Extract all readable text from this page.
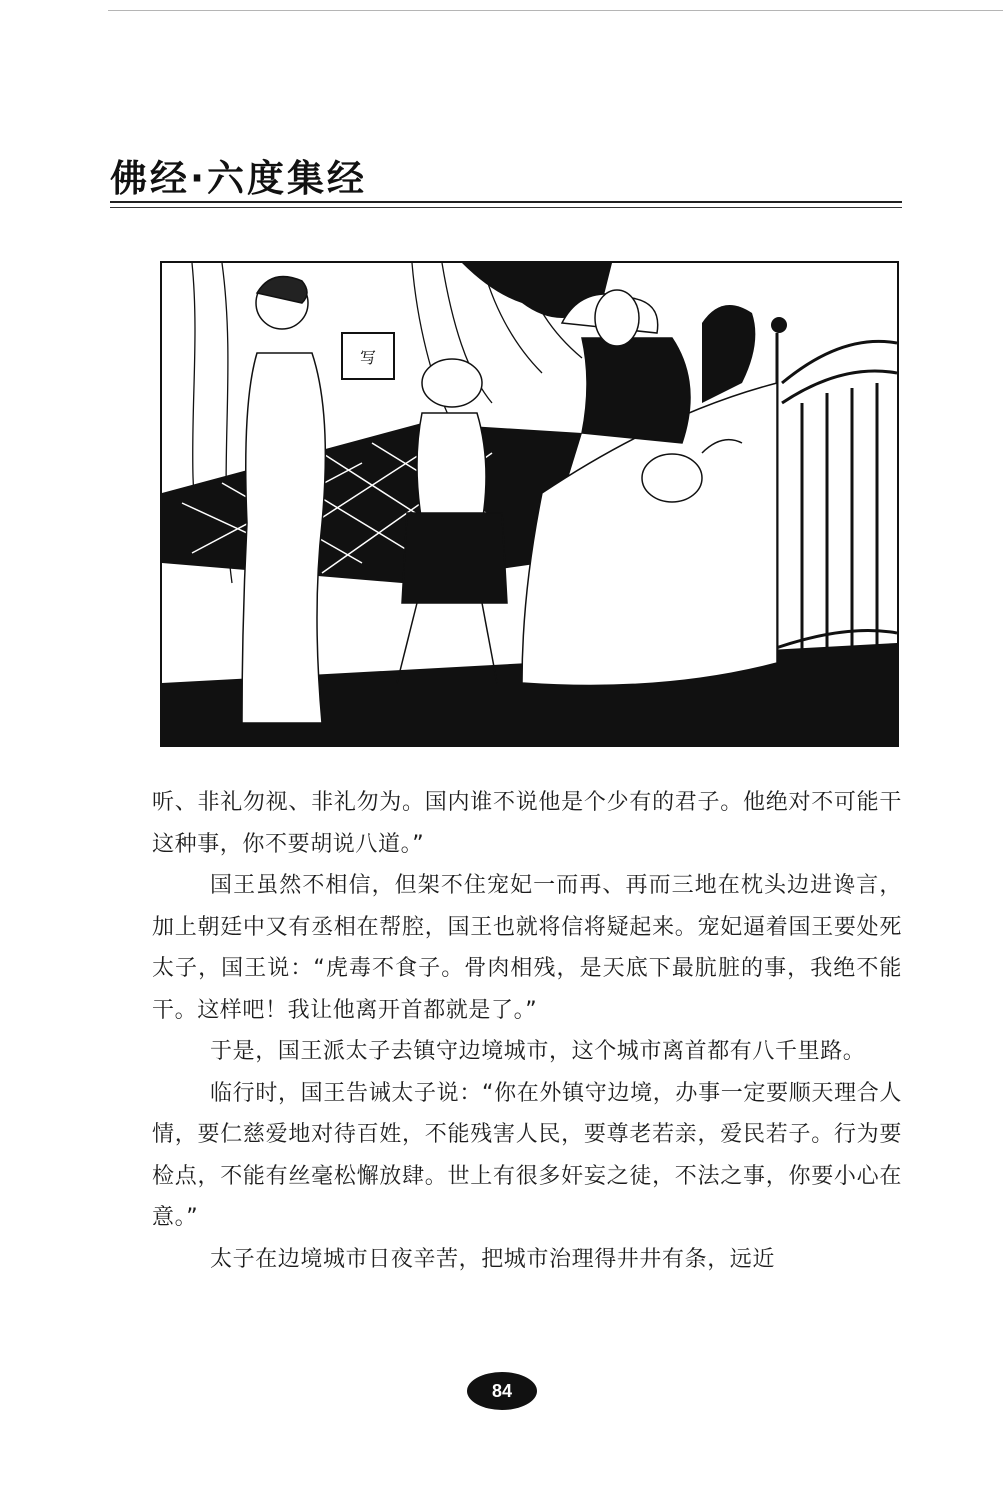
佛经·六度集经
写

听、非礼勿视、非礼勿为。国内谁不说他是个少有的君子。他绝对不可能干这种事，你不要胡说八道。”

国王虽然不相信，但架不住宠妃一而再、再而三地在枕头边进谗言，加上朝廷中又有丞相在帮腔，国王也就将信将疑起来。宠妃逼着国王要处死太子，国王说：“虎毒不食子。骨肉相残，是天底下最肮脏的事，我绝不能干。这样吧！我让他离开首都就是了。”

于是，国王派太子去镇守边境城市，这个城市离首都有八千里路。

临行时，国王告诫太子说：“你在外镇守边境，办事一定要顺天理合人情，要仁慈爱地对待百姓，不能残害人民，要尊老若亲，爱民若子。行为要检点，不能有丝毫松懈放肆。世上有很多奸妄之徒，不法之事，你要小心在意。”

太子在边境城市日夜辛苦，把城市治理得井井有条，远近

84
